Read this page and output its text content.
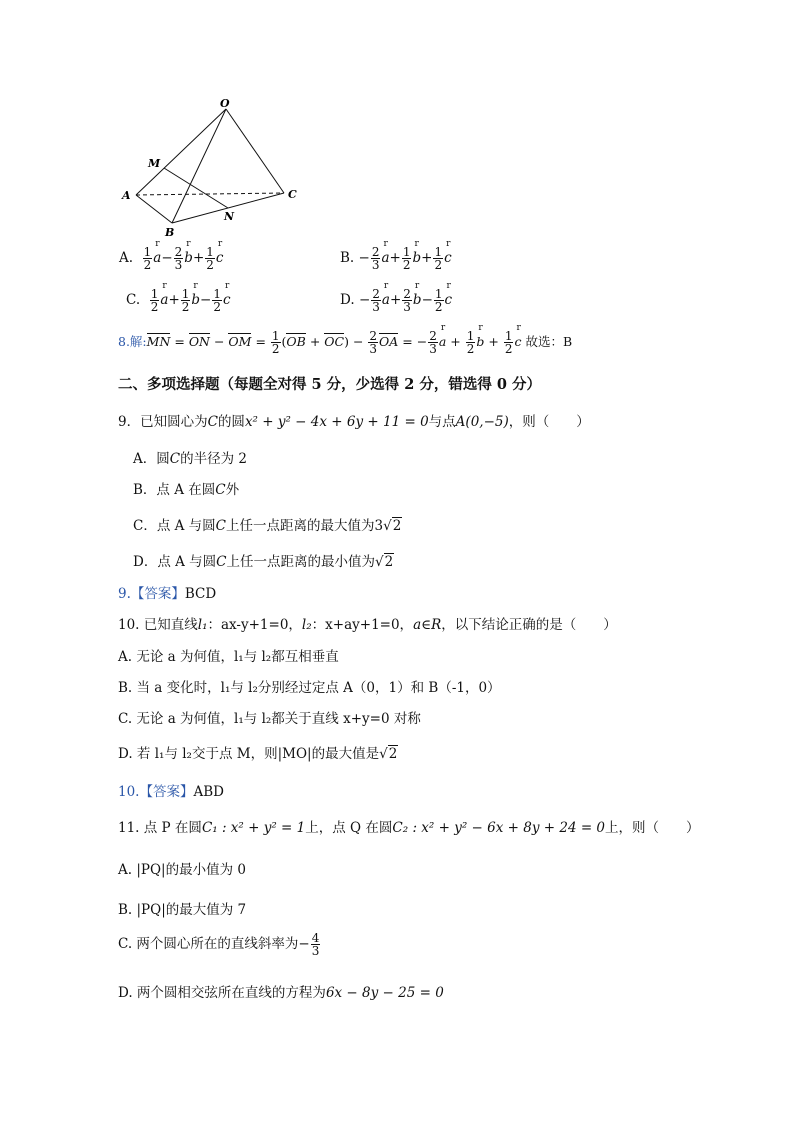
O
M
A	C
N
B
A. $\frac{1}{2}$ r $a- \frac{2}{3}$ r $b+ \frac{1}{2}$ r c	B. − $\frac{2}{3}$ r $a+ \frac{1}{2}$ r $b+ \frac{1}{2}$ r c
C. $\frac{1}{2}$ r $a+ \frac{1}{2}$ r $b- \frac{1}{2}$ r c	D. − $\frac{2}{3}$ r $a+ \frac{2}{3}$ r $b- \frac{1}{2}$ r c
8.解:MN = ON − OM = $\frac{1}{2} (OB + OC) - \frac{2}{3}$ OA = − $\frac{2}{3}$ r $a + \frac{1}{2}$ r $b + \frac{1}{2}$ r c 故选：B
二、多项选择题（每题全对得 5 分，少选得 2 分，错选得 0 分）
9．已知圆心为C的圆x² + y² − 4x + 6y + 11 = 0与点A(0,−5)，则（　　）
A．圆C的半径为 2
B．点 A 在圆C外
C．点 A 与圆C上任一点距离的最大值为3√2
D．点 A 与圆C上任一点距离的最小值为√2
9.【答案】BCD
10. 已知直线l₁：ax-y+1=0，l₂：x+ay+1=0，a∈R，以下结论正确的是（　　）
A. 无论 a 为何值，l₁与 l₂都互相垂直
B. 当 a 变化时，l₁与 l₂分别经过定点 A（0，1）和 B（-1，0）
C. 无论 a 为何值，l₁与 l₂都关于直线 x+y=0 对称
D. 若 l₁与 l₂交于点 M，则|MO|的最大值是√2
10.【答案】ABD
11. 点 P 在圆C₁ : x² + y² = 1上，点 Q 在圆C₂ : x² + y² − 6x + 8y + 24 = 0上，则（　　）
A. |PQ|的最小值为 0
B. |PQ|的最大值为 7
C. 两个圆心所在的直线斜率为− $\frac{4}{3}$
D. 两个圆相交弦所在直线的方程为6x − 8y − 25 = 0
